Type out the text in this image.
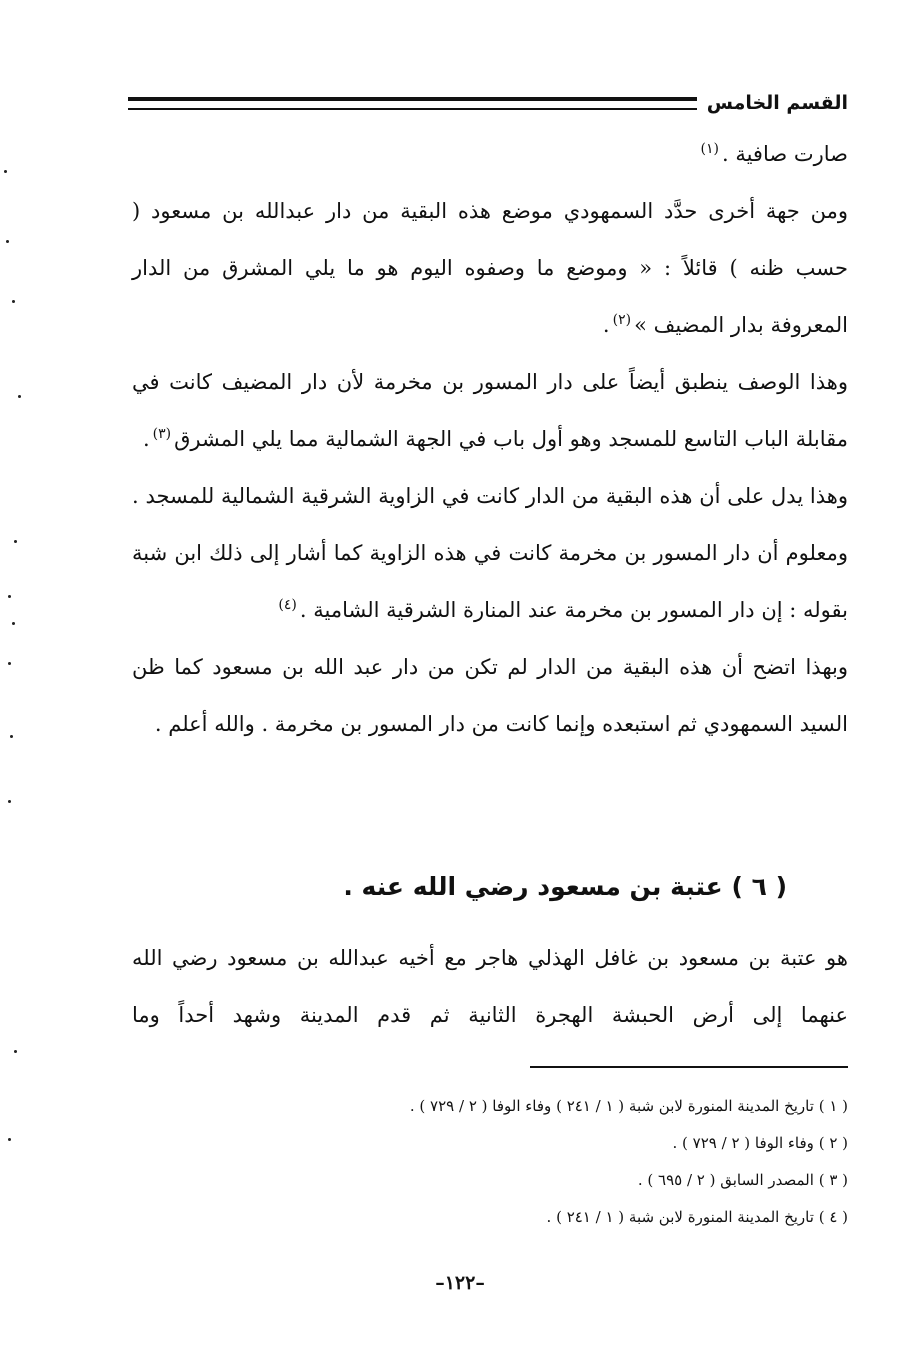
القسم الخامس

صارت صافية .$^{(١)}$

ومن جهة أخرى حدَّد السمهودي موضع هذه البقية من دار عبدالله بن مسعود ( حسب ظنه ) قائلاً : « وموضع ما وصفوه اليوم هو ما يلي المشرق من الدار المعروفة بدار المضيف »$^{(٢)}$.

وهذا الوصف ينطبق أيضاً على دار المسور بن مخرمة لأن دار المضيف كانت في مقابلة الباب التاسع للمسجد وهو أول باب في الجهة الشمالية مما يلي المشرق$^{(٣)}$.

وهذا يدل على أن هذه البقية من الدار كانت في الزاوية الشرقية الشمالية للمسجد . ومعلوم أن دار المسور بن مخرمة كانت في هذه الزاوية كما أشار إلى ذلك ابن شبة بقوله : إن دار المسور بن مخرمة عند المنارة الشرقية الشامية .$^{(٤)}$

وبهذا اتضح أن هذه البقية من الدار لم تكن من دار عبد الله بن مسعود كما ظن السيد السمهودي ثم استبعده وإنما كانت من دار المسور بن مخرمة . والله أعلم .

( ٦ ) عتبة بن مسعود رضي الله عنه .

هو عتبة بن مسعود بن غافل الهذلي هاجر مع أخيه عبدالله بن مسعود رضي الله عنهما إلى أرض الحبشة الهجرة الثانية ثم قدم المدينة وشهد أحداً وما

( ١ ) تاريخ المدينة المنورة لابن شبة ( ١ / ٢٤١ ) وفاء الوفا ( ٢ / ٧٢٩ ) .

( ٢ ) وفاء الوفا ( ٢ / ٧٢٩ ) .

( ٣ ) المصدر السابق ( ٢ / ٦٩٥ ) .

( ٤ ) تاريخ المدينة المنورة لابن شبة ( ١ / ٢٤١ ) .

–١٢٢–
